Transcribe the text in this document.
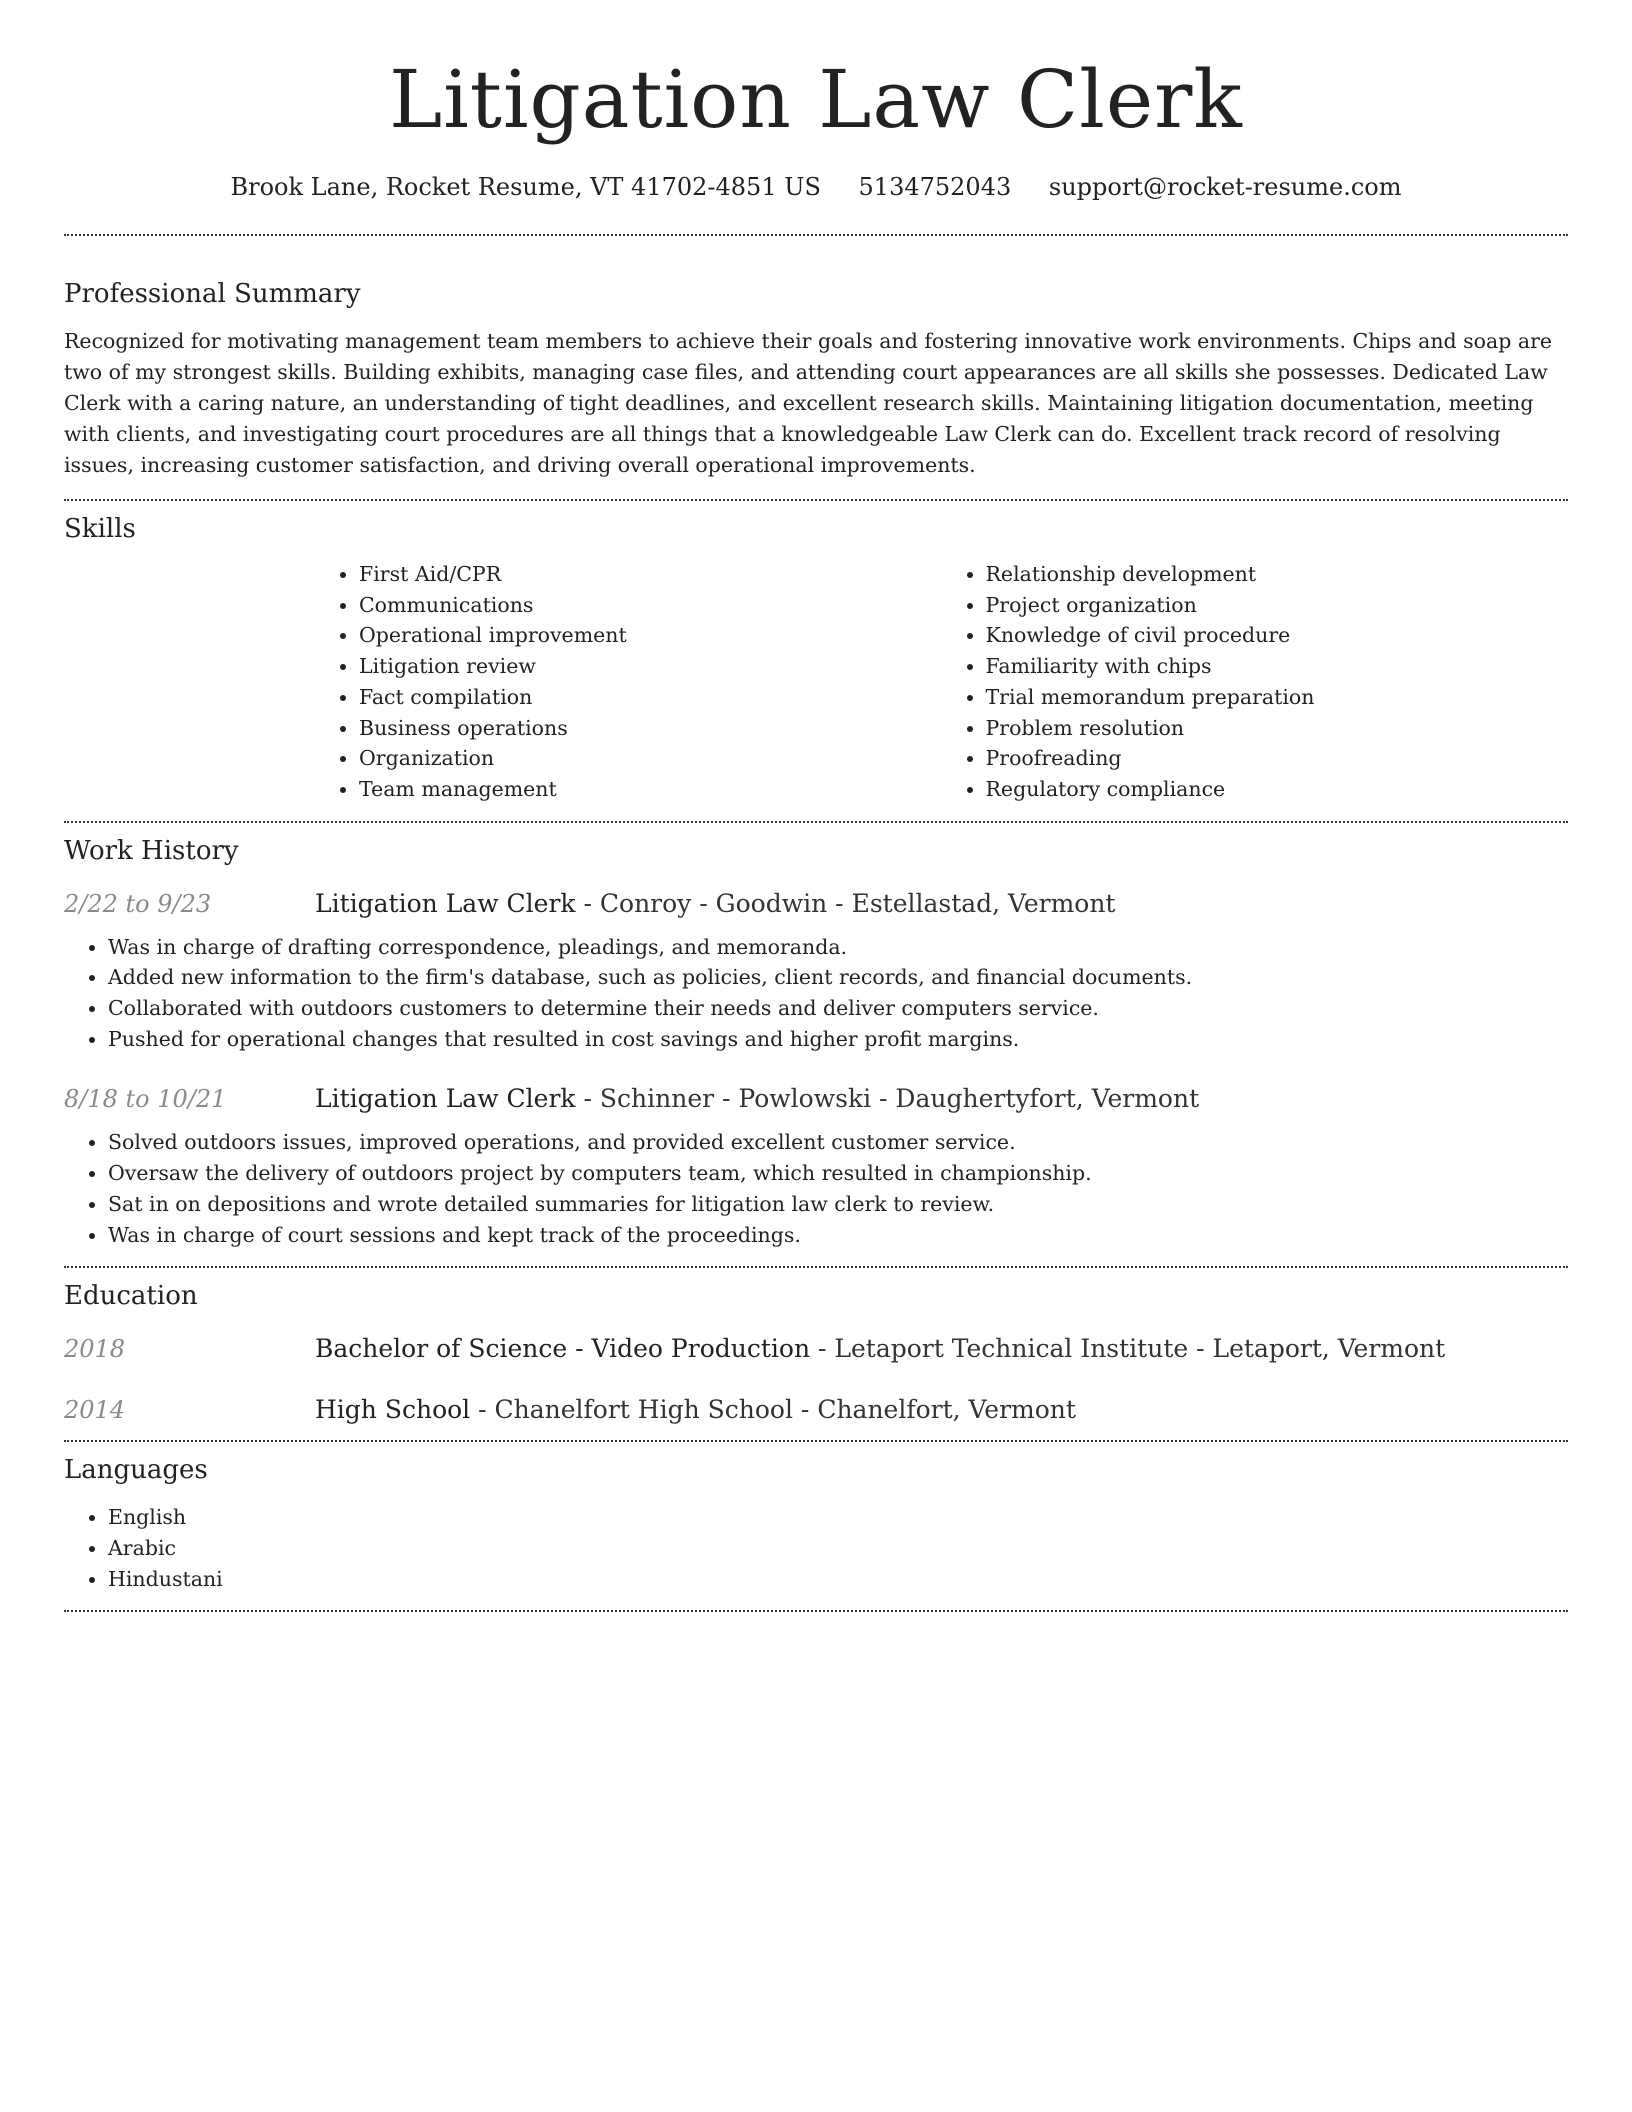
Litigation Law Clerk
Brook Lane, Rocket Resume, VT 41702-4851 US 5134752043 support@rocket-resume.com
Professional Summary

Recognized for motivating management team members to achieve their goals and fostering innovative work environments. Chips and soap are two of my strongest skills. Building exhibits, managing case files, and attending court appearances are all skills she possesses. Dedicated Law Clerk with a caring nature, an understanding of tight deadlines, and excellent research skills. Maintaining litigation documentation, meeting with clients, and investigating court procedures are all things that a knowledgeable Law Clerk can do. Excellent track record of resolving issues, increasing customer satisfaction, and driving overall operational improvements.

Skills
• First Aid/CPR
• Communications
• Operational improvement
• Litigation review
• Fact compilation
• Business operations
• Organization
• Team management
• Relationship development
• Project organization
• Knowledge of civil procedure
• Familiarity with chips
• Trial memorandum preparation
• Problem resolution
• Proofreading
• Regulatory compliance
Work History
2/22 to 9/23	Litigation Law Clerk - Conroy - Goodwin - Estellastad, Vermont
• Was in charge of drafting correspondence, pleadings, and memoranda.
• Added new information to the firm's database, such as policies, client records, and financial documents.
• Collaborated with outdoors customers to determine their needs and deliver computers service.
• Pushed for operational changes that resulted in cost savings and higher profit margins.
8/18 to 10/21	Litigation Law Clerk - Schinner - Powlowski - Daughertyfort, Vermont
• Solved outdoors issues, improved operations, and provided excellent customer service.
• Oversaw the delivery of outdoors project by computers team, which resulted in championship.
• Sat in on depositions and wrote detailed summaries for litigation law clerk to review.
• Was in charge of court sessions and kept track of the proceedings.
Education
2018	Bachelor of Science - Video Production - Letaport Technical Institute - Letaport, Vermont
2014	High School - Chanelfort High School - Chanelfort, Vermont
Languages
• English
• Arabic
• Hindustani
